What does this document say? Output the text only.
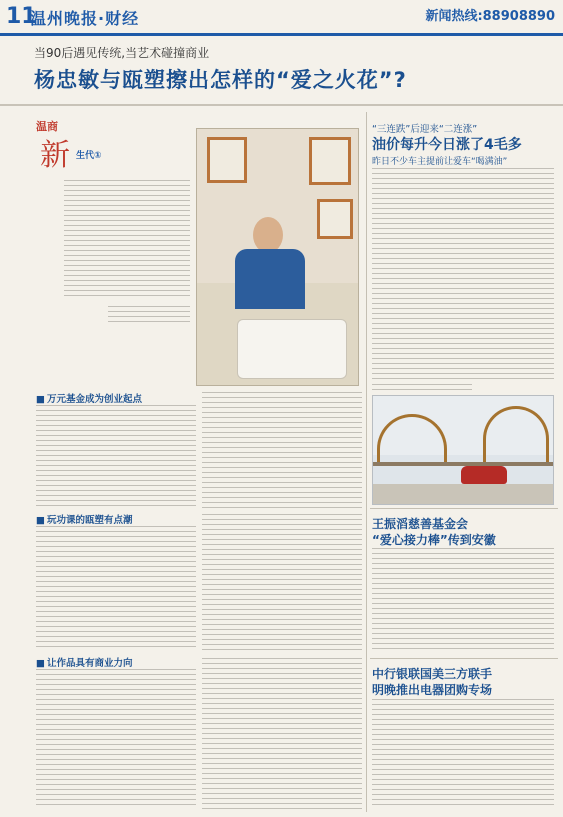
11
温州晚报·财经	新闻热线:88908890
当90后遇见传统,当艺术碰撞商业
杨忠敏与瓯塑擦出怎样的“爱之火花”?
温商
新 生代①
■ 万元基金成为创业起点
■ 玩功课的瓯塑有点潮
■ 让作品具有商业力向
“三连跌”后迎来“二连涨”
油价每升今日涨了4毛多
昨日不少车主提前让爱车“喝满油”
王振滔慈善基金会
“爱心接力棒”传到安徽
中行银联国美三方联手
明晚推出电器团购专场
